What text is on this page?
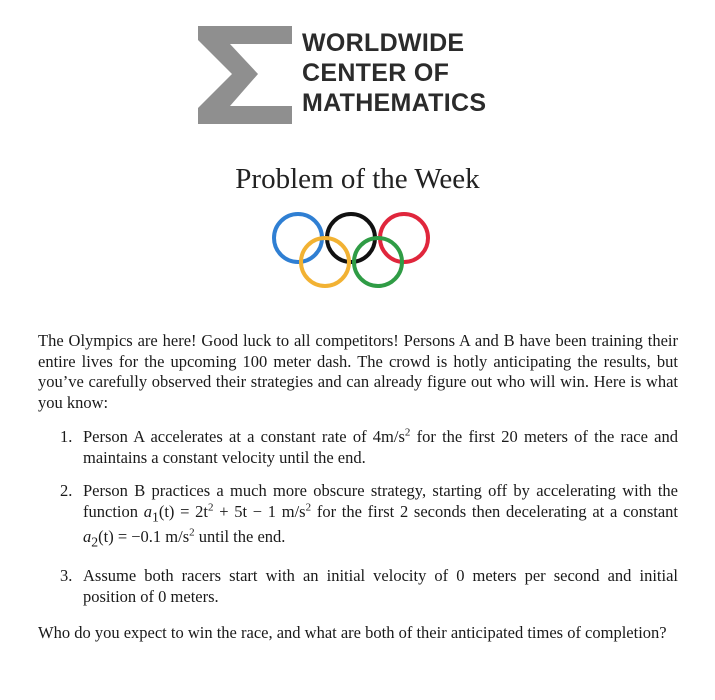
WORLDWIDE
CENTER OF
MATHEMATICS
Problem of the Week

The Olympics are here! Good luck to all competitors! Persons A and B have been training their entire lives for the upcoming 100 meter dash. The crowd is hotly anticipating the results, but you’ve carefully observed their strategies and can already figure out who will win. Here is what you know:

1. Person A accelerates at a constant rate of $4m/s^2$ for the first 20 meters of the race and maintains a constant velocity until the end.
2. Person B practices a much more obscure strategy, starting off by accelerating with the function $a_1(t) = 2t^2 + 5t - 1$ $m/s^2$ for the first 2 seconds then decelerating at a constant $a_2(t) = -0.1$ $m/s^2$ until the end.
3. Assume both racers start with an initial velocity of 0 meters per second and initial position of 0 meters.

Who do you expect to win the race, and what are both of their anticipated times of completion?
